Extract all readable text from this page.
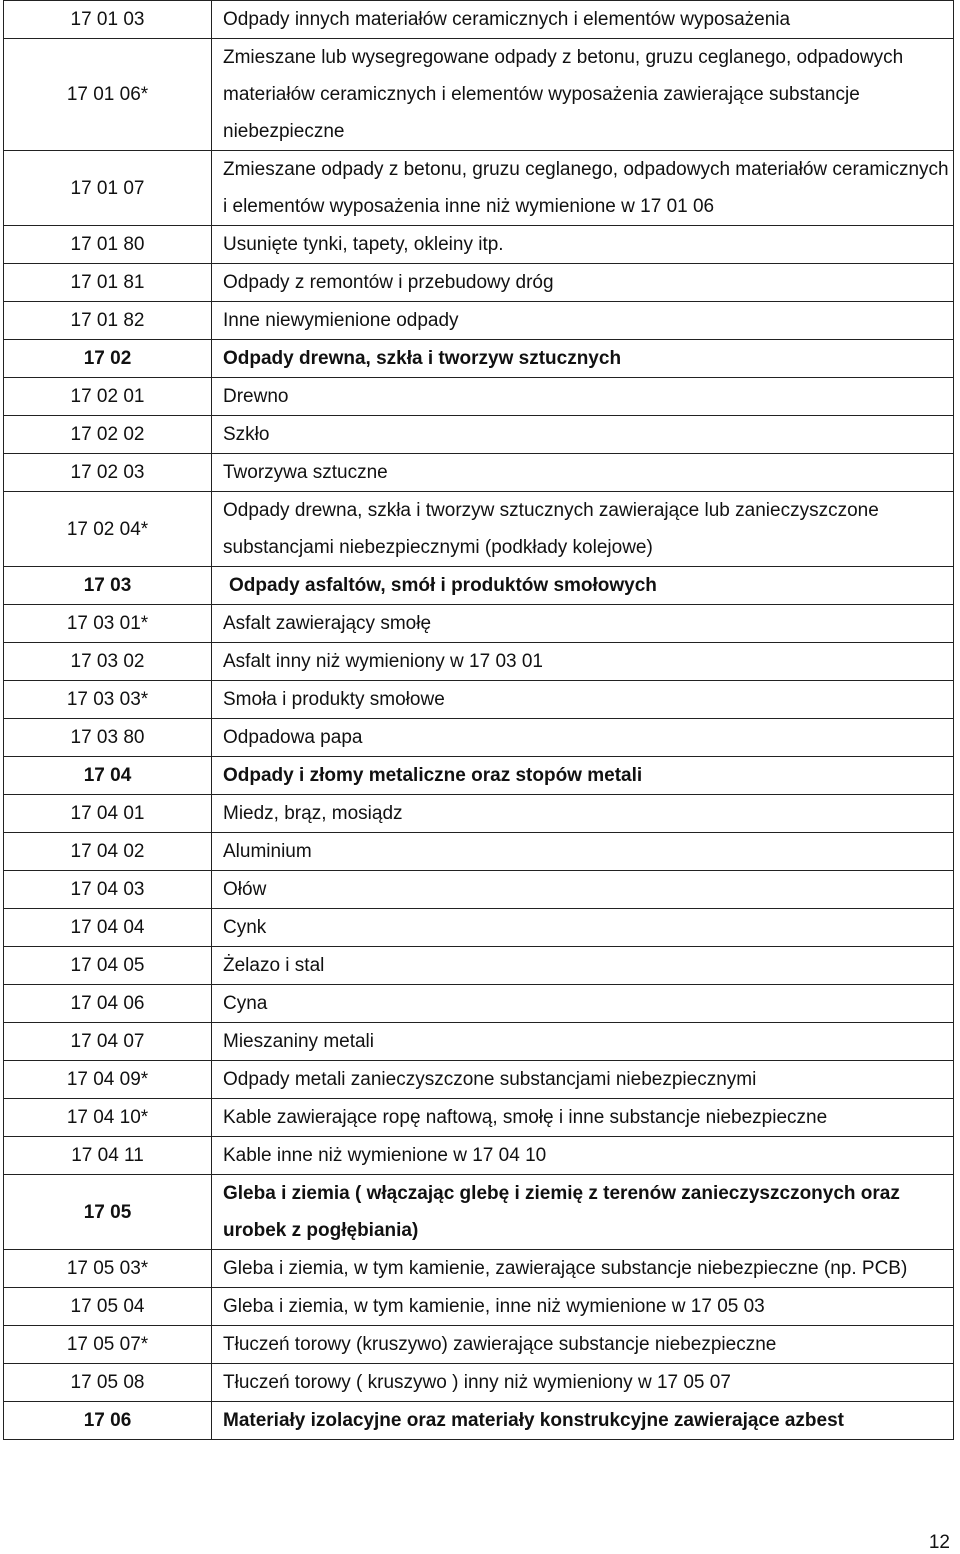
17 01 03	Odpady innych materiałów ceramicznych i elementów wyposażenia
17 01 06*	Zmieszane lub wysegregowane odpady z betonu, gruzu ceglanego, odpadowych materiałów ceramicznych i elementów wyposażenia zawierające substancje niebezpieczne
17 01 07	Zmieszane odpady z betonu, gruzu ceglanego, odpadowych materiałów ceramicznych i elementów wyposażenia inne niż wymienione w 17 01 06
17 01 80	Usunięte tynki, tapety, okleiny itp.
17 01 81	Odpady z remontów i przebudowy dróg
17 01 82	Inne niewymienione odpady
17 02	Odpady drewna, szkła i tworzyw sztucznych
17 02 01	Drewno
17 02 02	Szkło
17 02 03	Tworzywa sztuczne
17 02 04*	Odpady drewna, szkła i tworzyw sztucznych zawierające lub zanieczyszczone substancjami niebezpiecznymi (podkłady kolejowe)
17 03	Odpady asfaltów, smół i produktów smołowych
17 03 01*	Asfalt zawierający smołę
17 03 02	Asfalt inny niż wymieniony w 17 03 01
17 03 03*	Smoła i produkty smołowe
17 03 80	Odpadowa papa
17 04	Odpady i złomy metaliczne oraz stopów metali
17 04 01	Miedz, brąz, mosiądz
17 04 02	Aluminium
17 04 03	Ołów
17 04 04	Cynk
17 04 05	Żelazo i stal
17 04 06	Cyna
17 04 07	Mieszaniny metali
17 04 09*	Odpady metali zanieczyszczone substancjami niebezpiecznymi
17 04 10*	Kable zawierające ropę naftową, smołę i inne substancje niebezpieczne
17 04 11	Kable inne niż wymienione w 17 04 10
17 05	Gleba i ziemia ( włączając glebę i ziemię z terenów zanieczyszczonych oraz urobek z pogłębiania)
17 05 03*	Gleba i ziemia, w tym kamienie, zawierające substancje niebezpieczne (np. PCB)
17 05 04	Gleba i ziemia, w tym kamienie, inne niż wymienione w 17 05 03
17 05 07*	Tłuczeń torowy (kruszywo) zawierające substancje niebezpieczne
17 05 08	Tłuczeń torowy ( kruszywo ) inny niż wymieniony w 17 05 07
17 06	Materiały izolacyjne oraz materiały konstrukcyjne zawierające azbest
12
